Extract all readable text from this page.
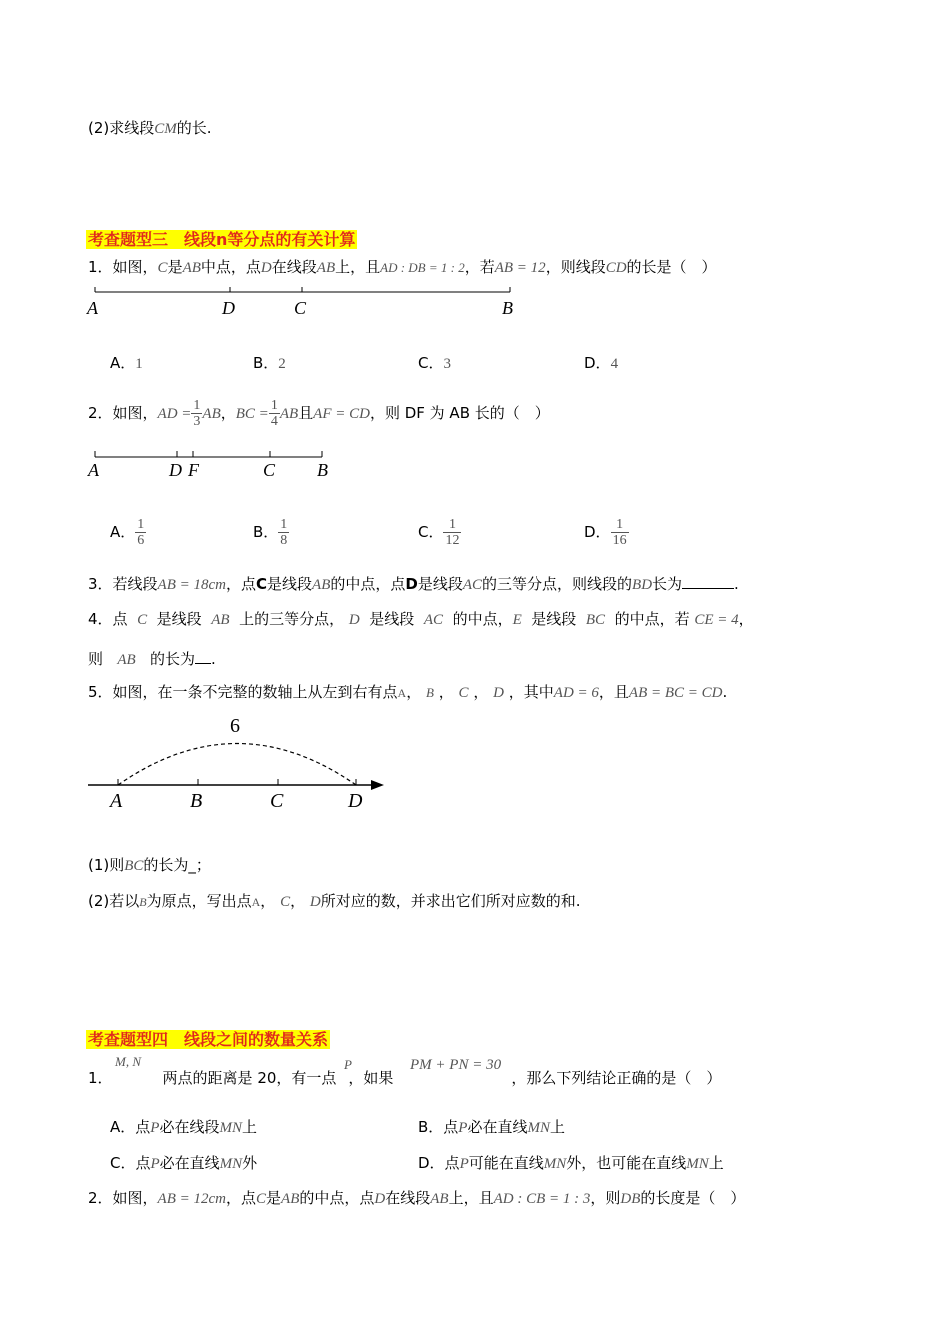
(2)求线段CM的长.
考查题型三　线段n等分点的有关计算
1．如图，C是AB中点，点D在线段AB上，且AD : DB = 1 : 2，若AB = 12，则线段CD的长是（　）
A	D	C	B
A．1	B．2	C．3	D．4
2．如图，AD = $\frac{1}{3}$ AB，BC = $\frac{1}{4}$ AB且AF = CD，则 DF 为 AB 长的（　）
A	D F	C B
A． $\frac{1}{6}$	B． $\frac{1}{8}$	C． $\frac{1}{12}$	D． $\frac{1}{16}$
3．若线段AB = 18cm，点C是线段AB的中点，点D是线段AC的三等分点，则线段的BD长为	.
4．点 C 是线段 AB 上的三等分点， D 是线段 AC 的中点，E 是线段 BC 的中点，若 CE = 4，
则 AB 的长为 .
5．如图，在一条不完整的数轴上从左到右有点A， B ， C ， D ，其中AD = 6，且AB = BC = CD.
6
A	B	C	D
(1)则BC的长为_；
(2)若以B为原点，写出点A， C， D所对应的数，并求出它们所对应数的和.
考查题型四　线段之间的数量关系
M, N	P	PM + PN = 30
1．	两点的距离是 20，有一点 ，如果	，那么下列结论正确的是（　）
A．点P必在线段MN上	B．点P必在直线MN上
C．点P必在直线MN外	D．点P可能在直线MN外，也可能在直线MN上
2．如图，AB = 12cm，点C是AB的中点，点D在线段AB上，且AD : CB = 1 : 3，则DB的长度是（　）
